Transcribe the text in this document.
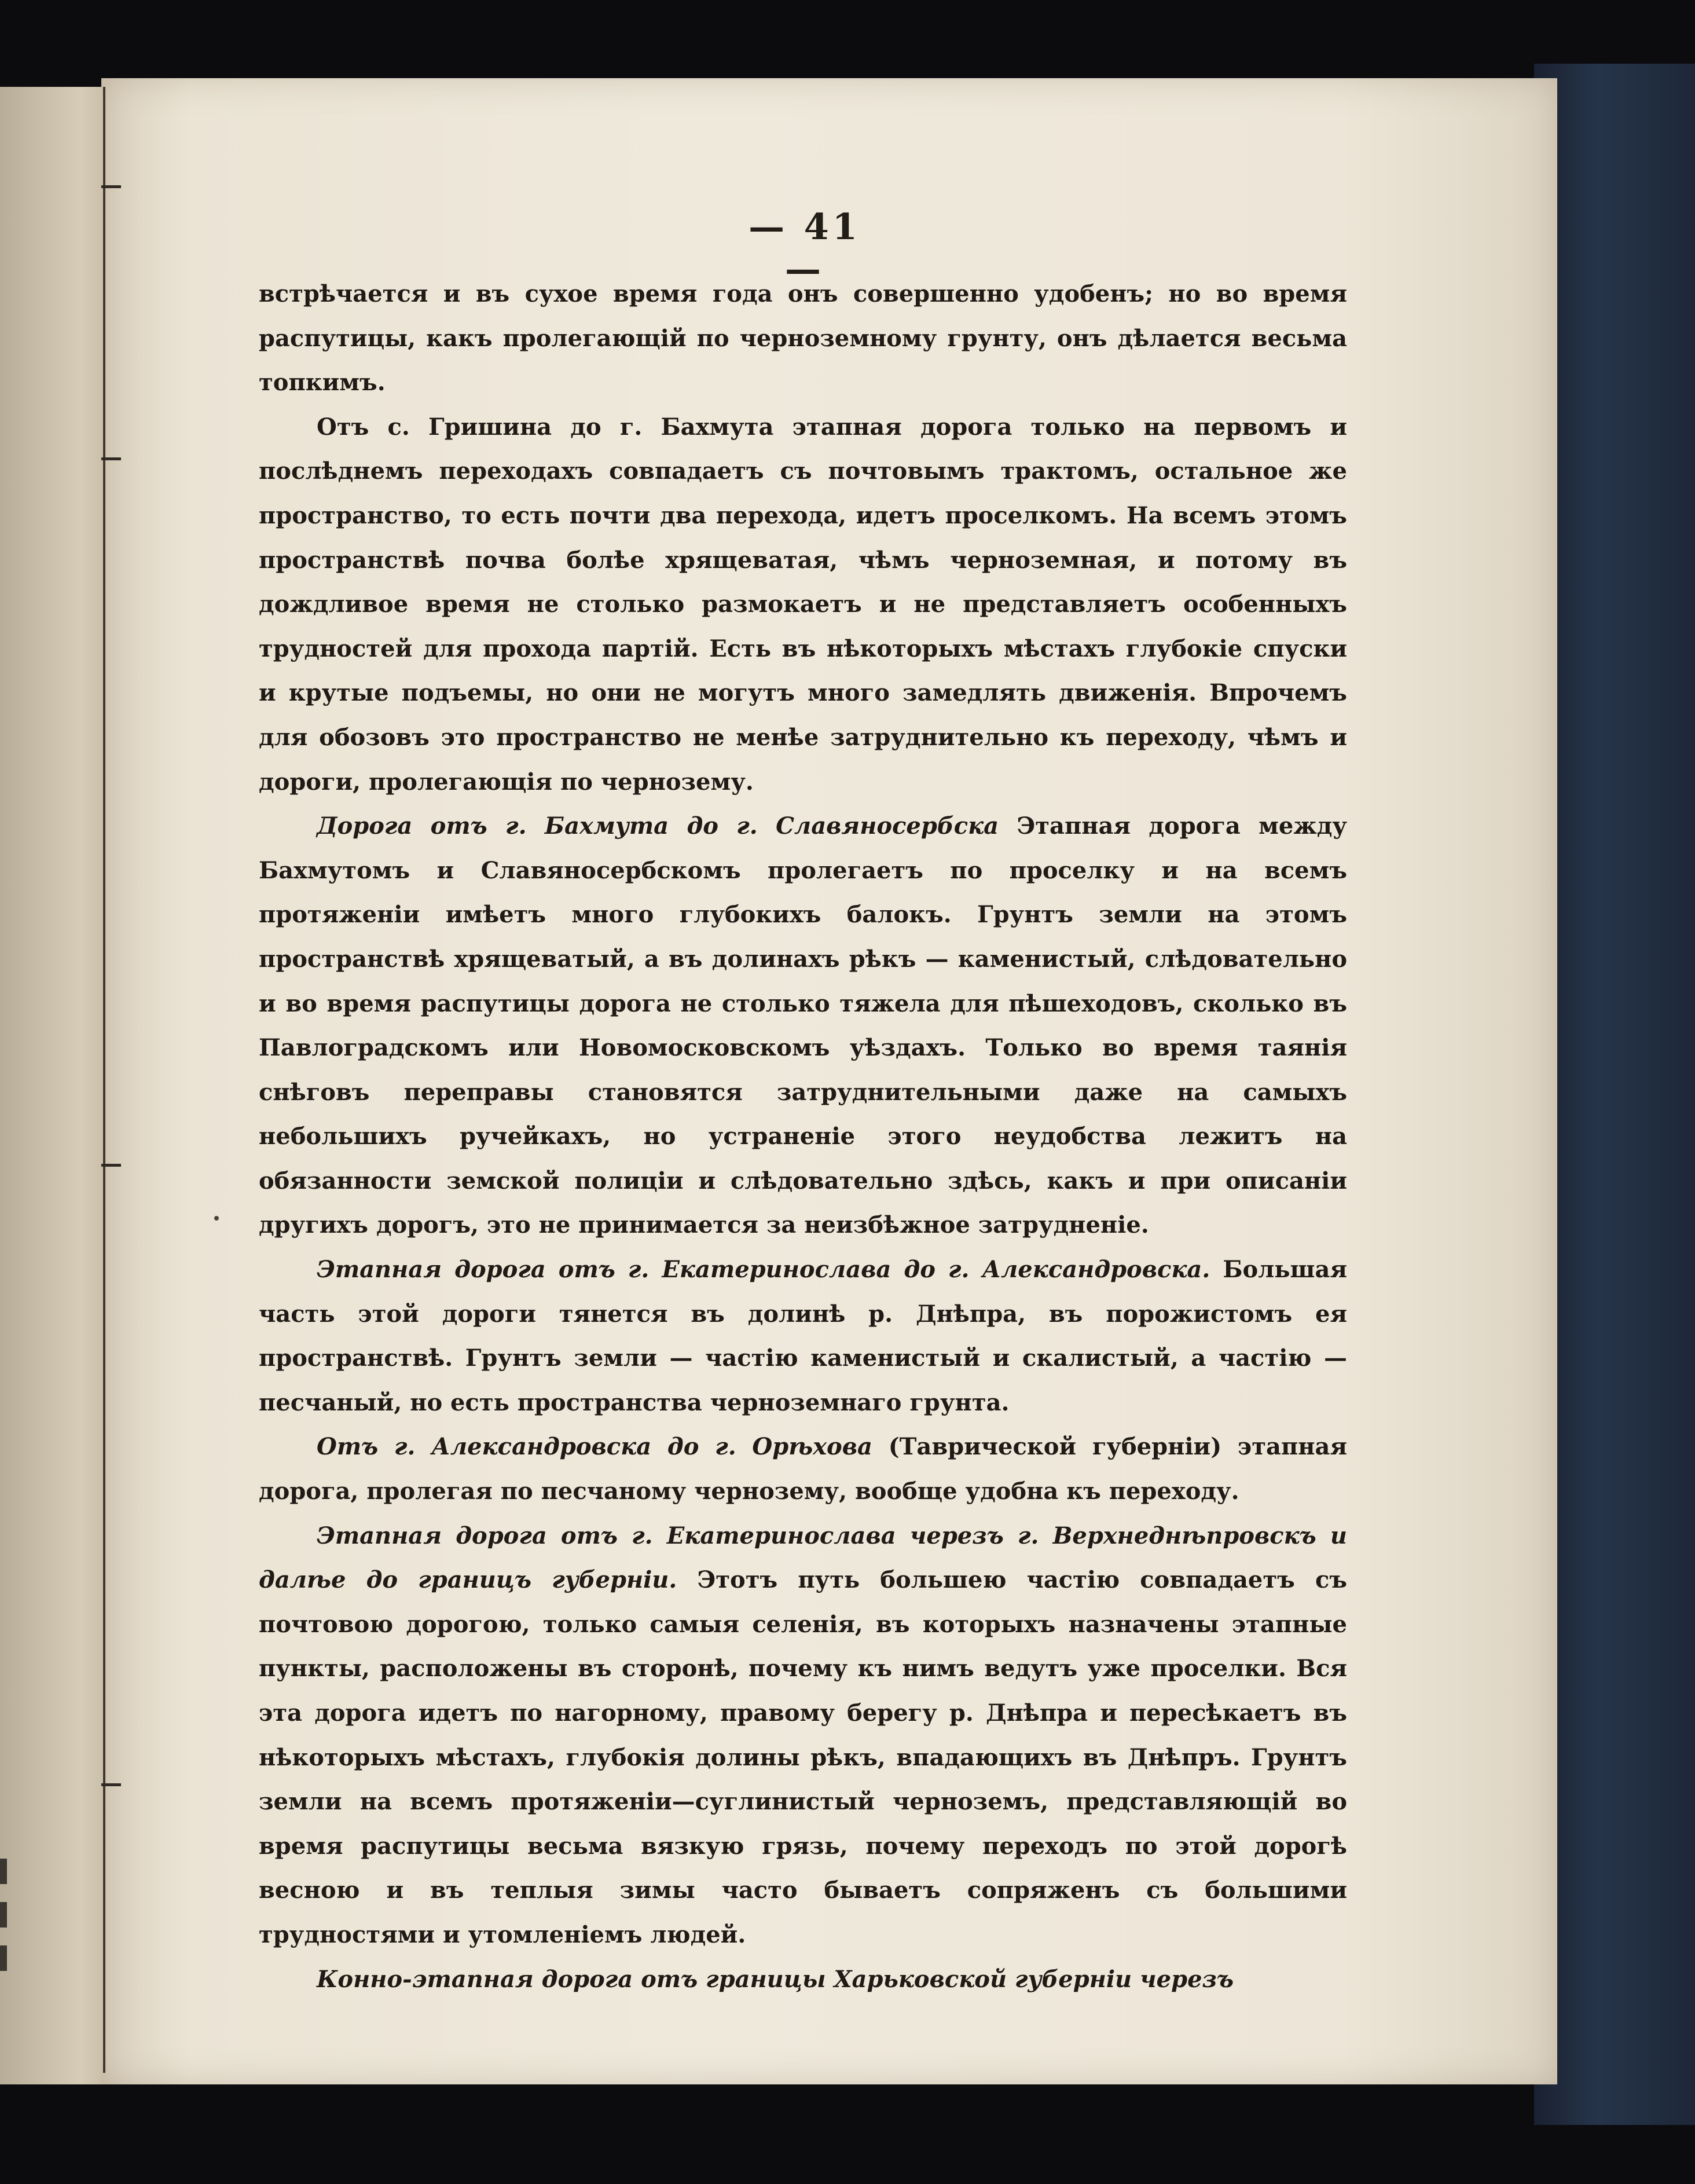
— 41 —

встрѣчается и въ сухое время года онъ совершенно удобенъ; но во время распутицы, какъ пролегающій по черноземному грунту, онъ дѣлается весьма топкимъ.

Отъ с. Гришина до г. Бахмута этапная дорога только на первомъ и послѣднемъ переходахъ совпадаетъ съ почтовымъ трактомъ, остальное же пространство, то есть почти два перехода, идетъ проселкомъ. На всемъ этомъ пространствѣ почва болѣе хрящеватая, чѣмъ черноземная, и потому въ дождливое время не столько размокаетъ и не представляетъ особенныхъ трудностей для прохода партій. Есть въ нѣкоторыхъ мѣстахъ глубокіе спуски и крутые подъемы, но они не могутъ много замедлять движенія. Впрочемъ для обозовъ это пространство не менѣе затруднительно къ переходу, чѣмъ и дороги, пролегающія по чернозему.

Дорога отъ г. Бахмута до г. Славяносербска Этапная дорога между Бахмутомъ и Славяносербскомъ пролегаетъ по проселку и на всемъ протяженіи имѣетъ много глубокихъ балокъ. Грунтъ земли на этомъ пространствѣ хрящеватый, а въ долинахъ рѣкъ — каменистый, слѣдовательно и во время распутицы дорога не столько тяжела для пѣшеходовъ, сколько въ Павлоградскомъ или Новомосковскомъ уѣздахъ. Только во время таянія снѣговъ переправы становятся затруднительными даже на самыхъ небольшихъ ручейкахъ, но устраненіе этого неудобства лежитъ на обязанности земской полиціи и слѣдовательно здѣсь, какъ и при описаніи другихъ дорогъ, это не принимается за неизбѣжное затрудненіе.

Этапная дорога отъ г. Екатеринослава до г. Александровска. Большая часть этой дороги тянется въ долинѣ р. Днѣпра, въ порожистомъ ея пространствѣ. Грунтъ земли — частію каменистый и скалистый, а частію — песчаный, но есть пространства черноземнаго грунта.

Отъ г. Александровска до г. Орѣхова (Таврической губерніи) этапная дорога, пролегая по песчаному чернозему, вообще удобна къ переходу.

Этапная дорога отъ г. Екатеринослава черезъ г. Верхнеднѣпровскъ и далѣе до границъ губерніи. Этотъ путь большею частію совпадаетъ съ почтовою дорогою, только самыя селенія, въ которыхъ назначены этапные пункты, расположены въ сторонѣ, почему къ нимъ ведутъ уже проселки. Вся эта дорога идетъ по нагорному, правому берегу р. Днѣпра и пересѣкаетъ въ нѣкоторыхъ мѣстахъ, глубокія долины рѣкъ, впадающихъ въ Днѣпръ. Грунтъ земли на всемъ протяженіи—суглинистый черноземъ, представляющій во время распутицы весьма вязкую грязь, почему переходъ по этой дорогѣ весною и въ теплыя зимы часто бываетъ сопряженъ съ большими трудностями и утомленіемъ людей.

Конно-этапная дорога отъ границы Харьковской губерніи черезъ
